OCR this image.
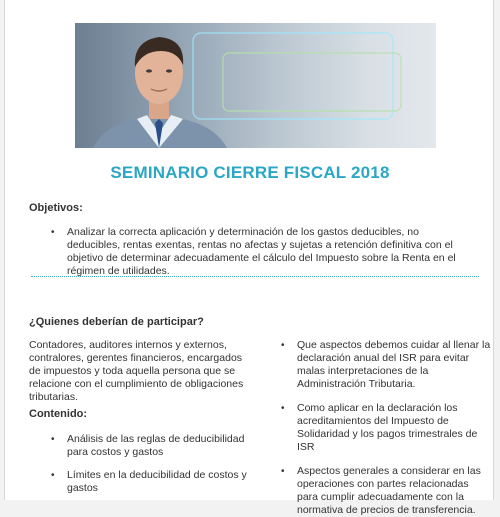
SEMINARIO CIERRE FISCAL 2018
Objetivos:
• Analizar la correcta aplicación y determinación de los gastos deducibles, no deducibles, rentas exentas, rentas no afectas y sujetas a retención definitiva con el objetivo de determinar adecuadamente el cálculo del Impuesto sobre la Renta en el régimen de utilidades.
¿Quienes deberían de participar?
Contadores, auditores internos y externos, contralores, gerentes financieros, encargados de impuestos y toda aquella persona que se relacione con el cumplimiento de obligaciones tributarias.
Contenido:
• Análisis de las reglas de deducibilidad para costos y gastos
• Límites en la deducibilidad de costos y gastos
• Que aspectos debemos cuidar al llenar la declaración anual del ISR para evitar malas interpretaciones de la Administración Tributaria.
• Como aplicar en la declaración los acreditamientos del Impuesto de Solidaridad y los pagos trimestrales de ISR
• Aspectos generales a considerar en las operaciones con partes relacionadas para cumplir adecuadamente con la normativa de precios de transferencia.
